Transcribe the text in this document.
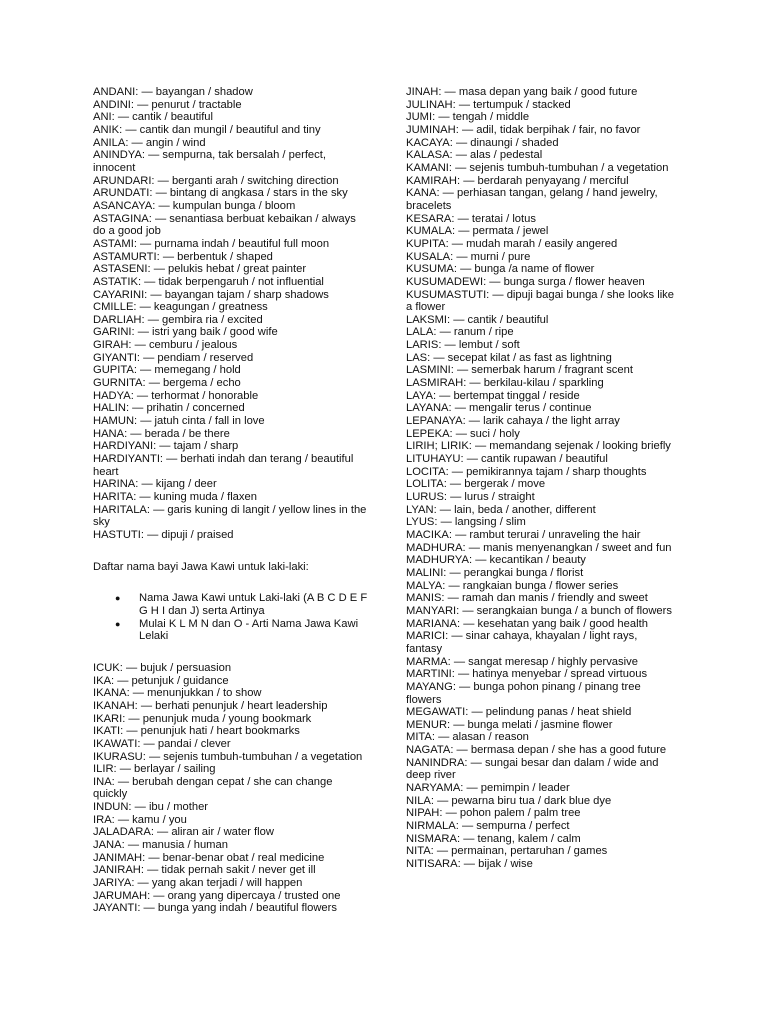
ANDANI: — bayangan / shadow

ANDINI: — penurut / tractable

ANI: — cantik / beautiful

ANIK: — cantik dan mungil / beautiful and tiny

ANILA: — angin / wind

ANINDYA: — sempurna, tak bersalah / perfect, innocent

ARUNDARI: — berganti arah / switching direction

ARUNDATI: — bintang di angkasa / stars in the sky

ASANCAYA: — kumpulan bunga / bloom

ASTAGINA: — senantiasa berbuat kebaikan / always do a good job

ASTAMI: — purnama indah / beautiful full moon

ASTAMURTI: — berbentuk / shaped

ASTASENI: — pelukis hebat / great painter

ASTATIK: — tidak berpengaruh / not influential

CAYARINI: — bayangan tajam / sharp shadows

CMILLE: — keagungan / greatness

DARLIAH: — gembira ria / excited

GARINI: — istri yang baik / good wife

GIRAH: — cemburu / jealous

GIYANTI: — pendiam / reserved

GUPITA: — memegang / hold

GURNITA: — bergema / echo

HADYA: — terhormat / honorable

HALIN: — prihatin / concerned

HAMUN: — jatuh cinta / fall in love

HANA: — berada / be there

HARDIYANI: — tajam / sharp

HARDIYANTI: — berhati indah dan terang / beautiful heart

HARINA: — kijang / deer

HARITA: — kuning muda / flaxen

HARITALA: — garis kuning di langit / yellow lines in the sky

HASTUTI: — dipuji / praised

Daftar nama bayi Jawa Kawi untuk laki-laki:

● Nama Jawa Kawi untuk Laki-laki (A B C D E F G H I dan J) serta Artinya
● Mulai K L M N dan O - Arti Nama Jawa Kawi Lelaki

ICUK: — bujuk / persuasion

IKA: — petunjuk / guidance

IKANA: — menunjukkan / to show

IKANAH: — berhati penunjuk / heart leadership

IKARI: — penunjuk muda / young bookmark

IKATI: — penunjuk hati / heart bookmarks

IKAWATI: — pandai / clever

IKURASU: — sejenis tumbuh-tumbuhan / a vegetation

ILIR: — berlayar / sailing

INA: — berubah dengan cepat / she can change quickly

INDUN: — ibu / mother

IRA: — kamu / you

JALADARA: — aliran air / water flow

JANA: — manusia / human

JANIMAH: — benar-benar obat / real medicine

JANIRAH: — tidak pernah sakit / never get ill

JARIYA: — yang akan terjadi / will happen

JARUMAH: — orang yang dipercaya / trusted one

JAYANTI: — bunga yang indah / beautiful flowers

JINAH: — masa depan yang baik / good future

JULINAH: — tertumpuk / stacked

JUMI: — tengah / middle

JUMINAH: — adil, tidak berpihak / fair, no favor

KACAYA: — dinaungi / shaded

KALASA: — alas / pedestal

KAMANI: — sejenis tumbuh-tumbuhan / a vegetation

KAMIRAH: — berdarah penyayang / merciful

KANA: — perhiasan tangan, gelang / hand jewelry, bracelets

KESARA: — teratai / lotus

KUMALA: — permata / jewel

KUPITA: — mudah marah / easily angered

KUSALA: — murni / pure

KUSUMA: — bunga /a name of flower

KUSUMADEWI: — bunga surga / flower heaven

KUSUMASTUTI: — dipuji bagai bunga / she looks like a flower

LAKSMI: — cantik / beautiful

LALA: — ranum / ripe

LARIS: — lembut / soft

LAS: — secepat kilat / as fast as lightning

LASMINI: — semerbak harum / fragrant scent

LASMIRAH: — berkilau-kilau / sparkling

LAYA: — bertempat tinggal / reside

LAYANA: — mengalir terus / continue

LEPANAYA: — larik cahaya / the light array

LEPEKA: — suci / holy

LIRIH; LIRIK: — memandang sejenak / looking briefly

LITUHAYU: — cantik rupawan / beautiful

LOCITA: — pemikirannya tajam / sharp thoughts

LOLITA: — bergerak / move

LURUS: — lurus / straight

LYAN: — lain, beda / another, different

LYUS: — langsing / slim

MACIKA: — rambut terurai / unraveling the hair

MADHURA: — manis menyenangkan / sweet and fun

MADHURYA: — kecantikan / beauty

MALINI: — perangkai bunga / florist

MALYA: — rangkaian bunga / flower series

MANIS: — ramah dan manis / friendly and sweet

MANYARI: — serangkaian bunga / a bunch of flowers

MARIANA: — kesehatan yang baik / good health

MARICI: — sinar cahaya, khayalan / light rays, fantasy

MARMA: — sangat meresap / highly pervasive

MARTINI: — hatinya menyebar / spread virtuous

MAYANG: — bunga pohon pinang / pinang tree flowers

MEGAWATI: — pelindung panas / heat shield

MENUR: — bunga melati / jasmine flower

MITA: — alasan / reason

NAGATA: — bermasa depan / she has a good future

NANINDRA: — sungai besar dan dalam / wide and deep river

NARYAMA: — pemimpin / leader

NILA: — pewarna biru tua / dark blue dye

NIPAH: — pohon palem / palm tree

NIRMALA: — sempurna / perfect

NISMARA: — tenang, kalem / calm

NITA: — permainan, pertaruhan / games

NITISARA: — bijak / wise
